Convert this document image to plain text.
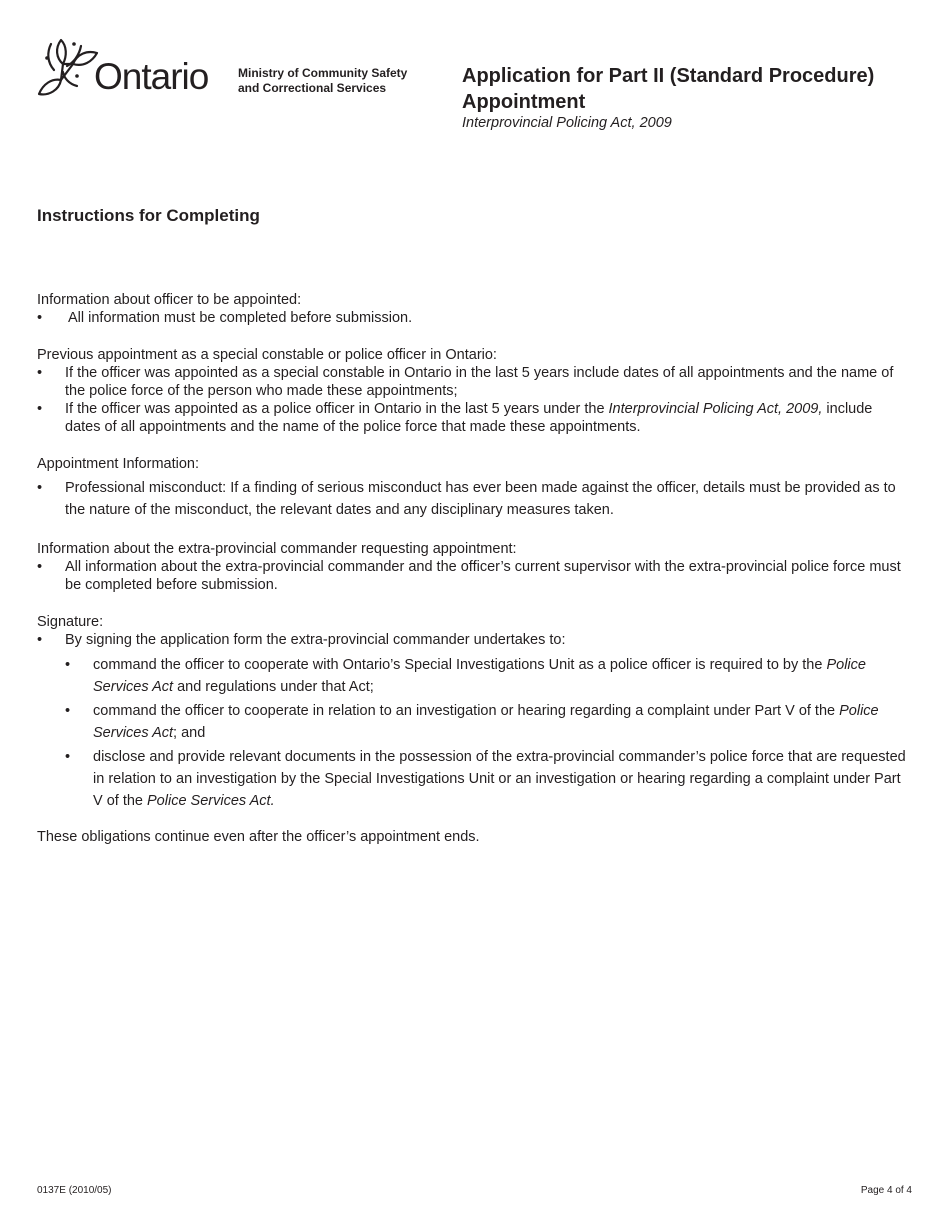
Ontario Ministry of Community Safety
and Correctional Services
Application for Part II (Standard Procedure)
Appointment
Interprovincial Policing Act, 2009
Instructions for Completing

Information about officer to be appointed:

• All information must be completed before submission.

Previous appointment as a special constable or police officer in Ontario:

• If the officer was appointed as a special constable in Ontario in the last 5 years include dates of all appointments and the name of the police force of the person who made these appointments;
• If the officer was appointed as a police officer in Ontario in the last 5 years under the Interprovincial Policing Act, 2009, include dates of all appointments and the name of the police force that made these appointments.

Appointment Information:

• Professional misconduct: If a finding of serious misconduct has ever been made against the officer, details must be provided as to the nature of the misconduct, the relevant dates and any disciplinary measures taken.

Information about the extra-provincial commander requesting appointment:

• All information about the extra-provincial commander and the officer’s current supervisor with the extra-provincial police force must be completed before submission.

Signature:

• By signing the application form the extra-provincial commander undertakes to:
• command the officer to cooperate with Ontario’s Special Investigations Unit as a police officer is required to by the Police Services Act and regulations under that Act;
• command the officer to cooperate in relation to an investigation or hearing regarding a complaint under Part V of the Police Services Act; and
• disclose and provide relevant documents in the possession of the extra-provincial commander’s police force that are requested in relation to an investigation by the Special Investigations Unit or an investigation or hearing regarding a complaint under Part V of the Police Services Act.

These obligations continue even after the officer’s appointment ends.

0137E (2010/05)	Page 4 of 4
